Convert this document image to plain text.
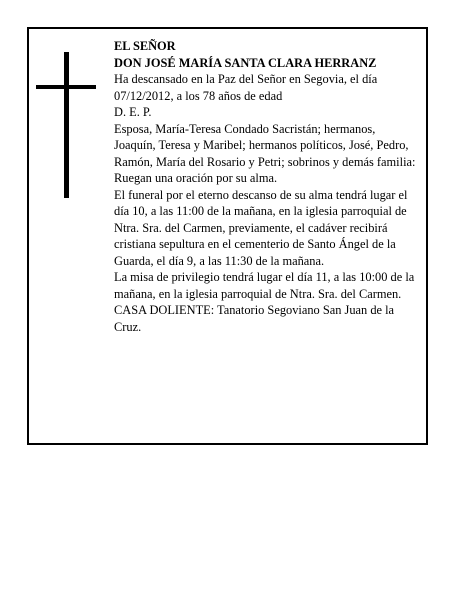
EL SEÑOR

DON JOSÉ MARÍA SANTA CLARA HERRANZ

Ha descansado en la Paz del Señor en Segovia, el día 07/12/2012, a los 78 años de edad

D. E. P.

Esposa, María-Teresa Condado Sacristán; hermanos, Joaquín, Teresa y Maribel; hermanos políticos, José, Pedro, Ramón, María del Rosario y Petri; sobrinos y demás familia:

Ruegan una oración por su alma.

El funeral por el eterno descanso de su alma tendrá lugar el día 10, a las 11:00 de la mañana, en la iglesia parroquial de Ntra. Sra. del Carmen, previamente, el cadáver recibirá cristiana sepultura en el cementerio de Santo Ángel de la Guarda, el día 9, a las 11:30 de la mañana.

La misa de privilegio tendrá lugar el día 11, a las 10:00 de la mañana, en la iglesia parroquial de Ntra. Sra. del Carmen.

CASA DOLIENTE: Tanatorio Segoviano San Juan de la Cruz.
